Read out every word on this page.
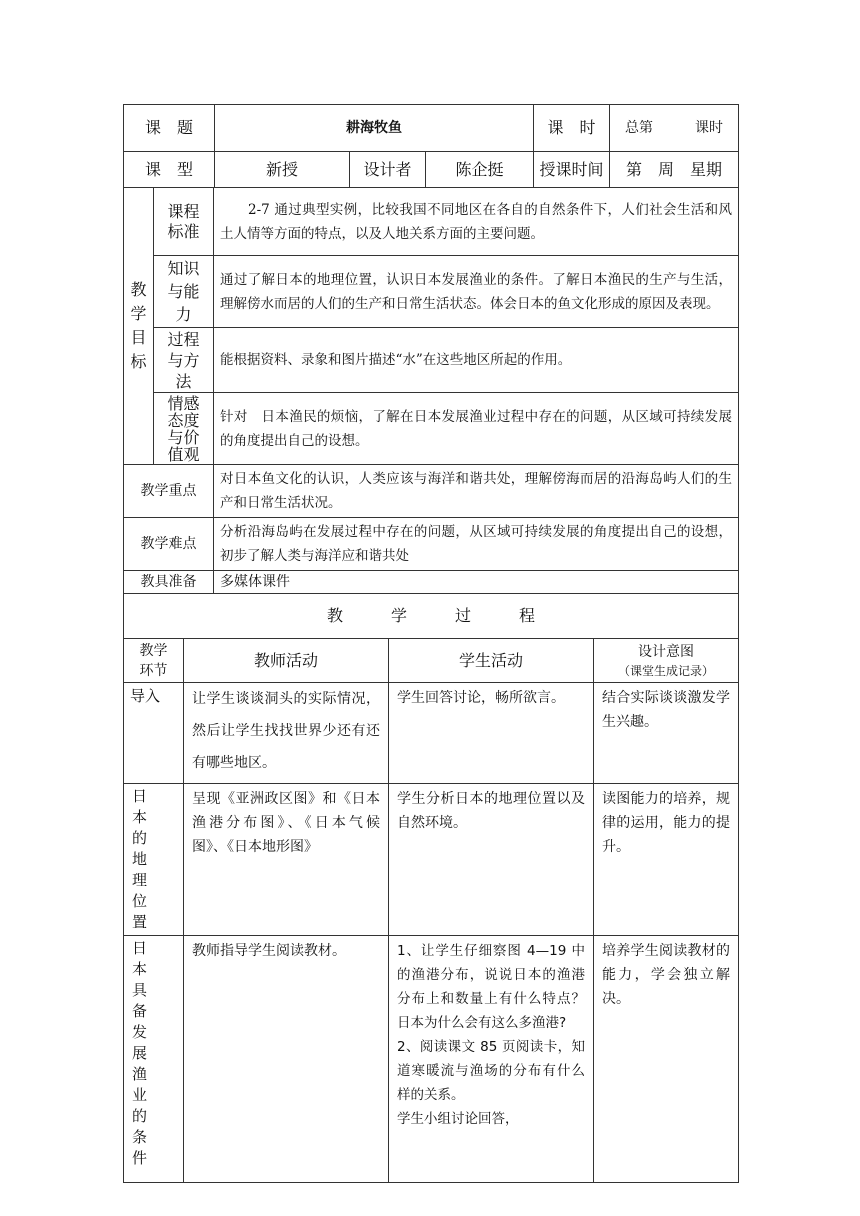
课　题	耕海牧鱼			课　时	总第　　　课时
课　型	新授	设计者	陈企挺	授课时间	第　周　星期
教学目标	课程标准	2-7 通过典型实例，比较我国不同地区在各自的自然条件下，人们社会生活和风土人情等方面的特点，以及人地关系方面的主要问题。

	知识与能力	通过了解日本的地理位置，认识日本发展渔业的条件。了解日本渔民的生产与生活，理解傍水而居的人们的生产和日常生活状态。体会日本的鱼文化形成的原因及表现。

	过程与方法	能根据资料、录象和图片描述“水”在这些地区所起的作用。

	情感态度与价值观	针对　日本渔民的烦恼，了解在日本发展渔业过程中存在的问题，从区域可持续发展的角度提出自己的设想。
教学重点	对日本鱼文化的认识，人类应该与海洋和谐共处，理解傍海而居的沿海岛屿人们的生产和日常生活状况。
教学难点	分析沿海岛屿在发展过程中存在的问题，从区域可持续发展的角度提出自己的设想，初步了解人类与海洋应和谐共处
教具准备	多媒体课件
教　　　学　　　过　　　程	
教学环节	教师活动	学生活动	设计意图
（课堂生成记录）

导入	让学生谈谈洞头的实际情况，然后让学生找找世界少还有还有哪些地区。	学生回答讨论，畅所欲言。	结合实际谈谈激发学生兴趣。

日本的地理位置	呈现《亚洲政区图》和《日本渔港分布图》、《日本气候图》、《日本地形图》	学生分析日本的地理位置以及自然环境。	读图能力的培养，规律的运用，能力的提升。

日本具备发展渔业的条件	教师指导学生阅读教材。	1、让学生仔细察图 4—19 中的渔港分布，说说日本的渔港分布上和数量上有什么特点？日本为什么会有这么多渔港?
2、阅读课文 85 页阅读卡，知道寒暖流与渔场的分布有什么样的关系。
学生小组讨论回答，	培养学生阅读教材的能力，学会独立解决。
